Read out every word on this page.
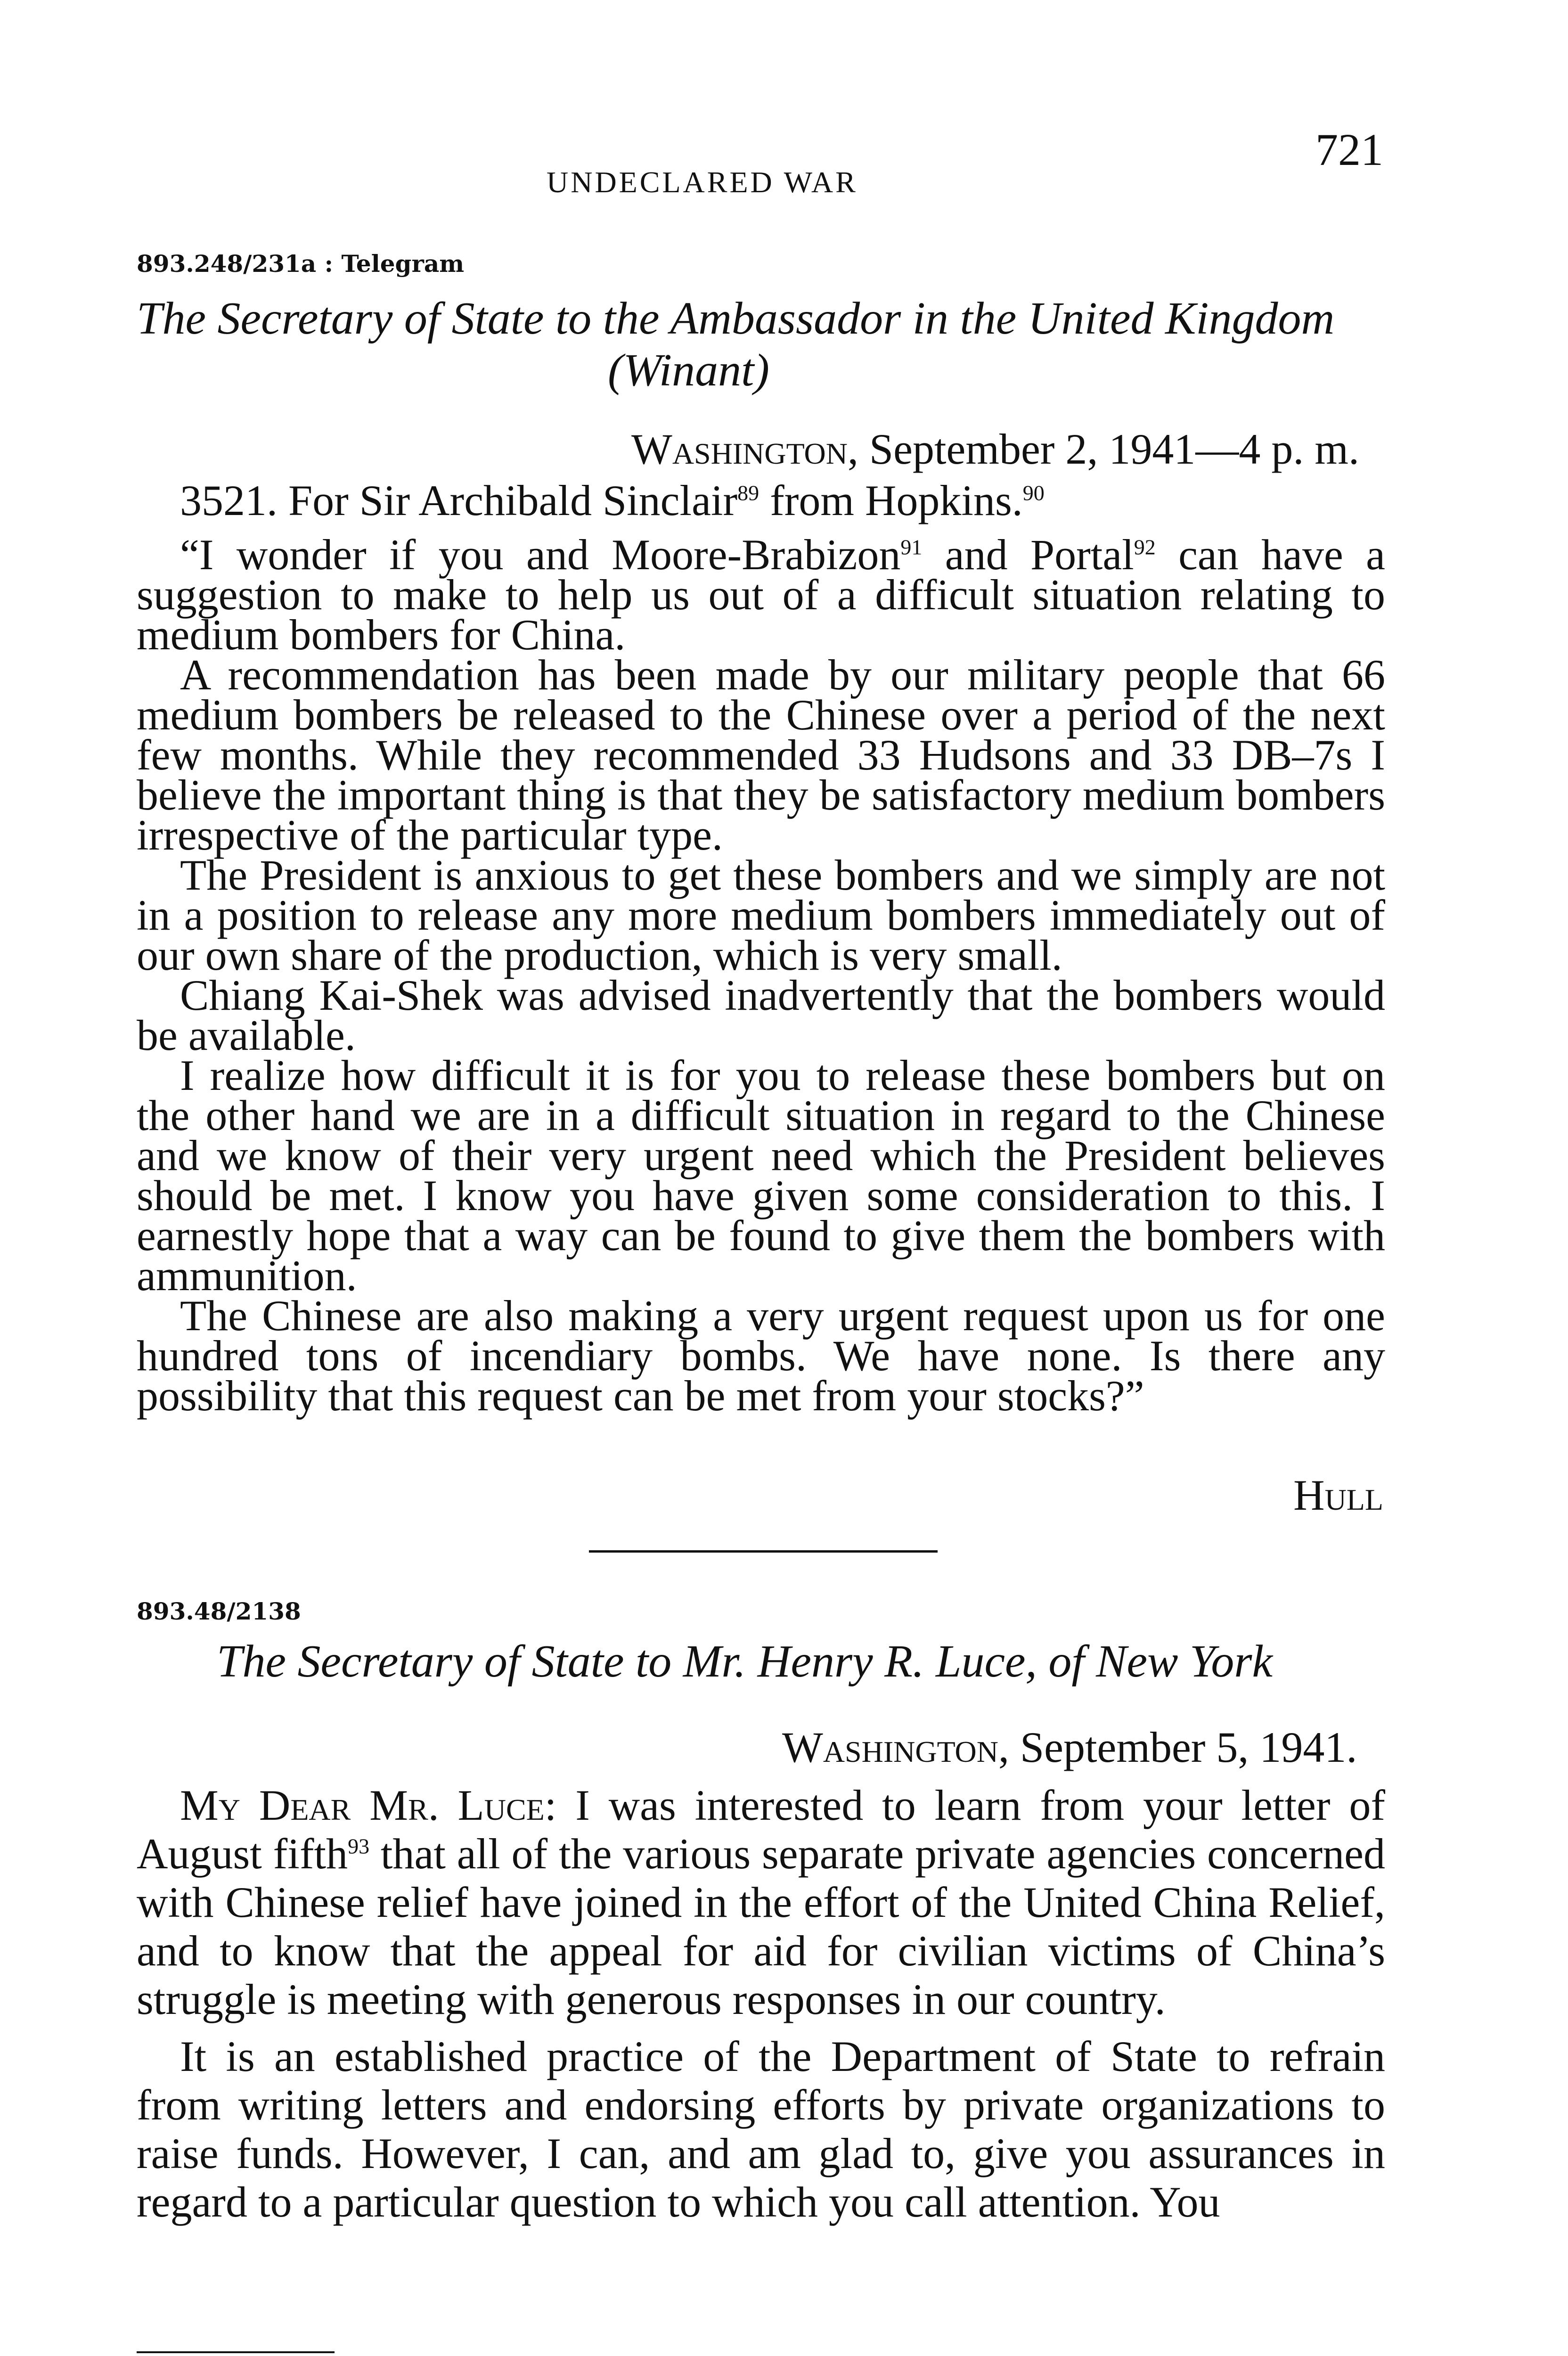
UNDECLARED WAR
721
893.248/231a : Telegram
The Secretary of State to the Ambassador in the United Kingdom
(Winant)
Washington, September 2, 1941—4 p. m.

3521. For Sir Archibald Sinclair$^{89}$ from Hopkins.$^{90}$

“I wonder if you and Moore-Brabizon$^{91}$ and Portal$^{92}$ can have a suggestion to make to help us out of a difficult situation relating to medium bombers for China.

A recommendation has been made by our military people that 66 medium bombers be released to the Chinese over a period of the next few months. While they recommended 33 Hudsons and 33 DB–7s I believe the important thing is that they be satisfactory medium bombers irrespective of the particular type.

The President is anxious to get these bombers and we simply are not in a position to release any more medium bombers immediately out of our own share of the production, which is very small.

Chiang Kai-Shek was advised inadvertently that the bombers would be available.

I realize how difficult it is for you to release these bombers but on the other hand we are in a difficult situation in regard to the Chinese and we know of their very urgent need which the President believes should be met. I know you have given some consideration to this. I earnestly hope that a way can be found to give them the bombers with ammunition.

The Chinese are also making a very urgent request upon us for one hundred tons of incendiary bombs. We have none. Is there any possibility that this request can be met from your stocks?”

Hull
893.48/2138
The Secretary of State to Mr. Henry R. Luce, of New York
Washington, September 5, 1941.

My Dear Mr. Luce: I was interested to learn from your letter of August fifth$^{93}$ that all of the various separate private agencies concerned with Chinese relief have joined in the effort of the United China Relief, and to know that the appeal for aid for civilian victims of China’s struggle is meeting with generous responses in our country.

It is an established practice of the Department of State to refrain from writing letters and endorsing efforts by private organizations to raise funds. However, I can, and am glad to, give you assurances in regard to a particular question to which you call attention. You
